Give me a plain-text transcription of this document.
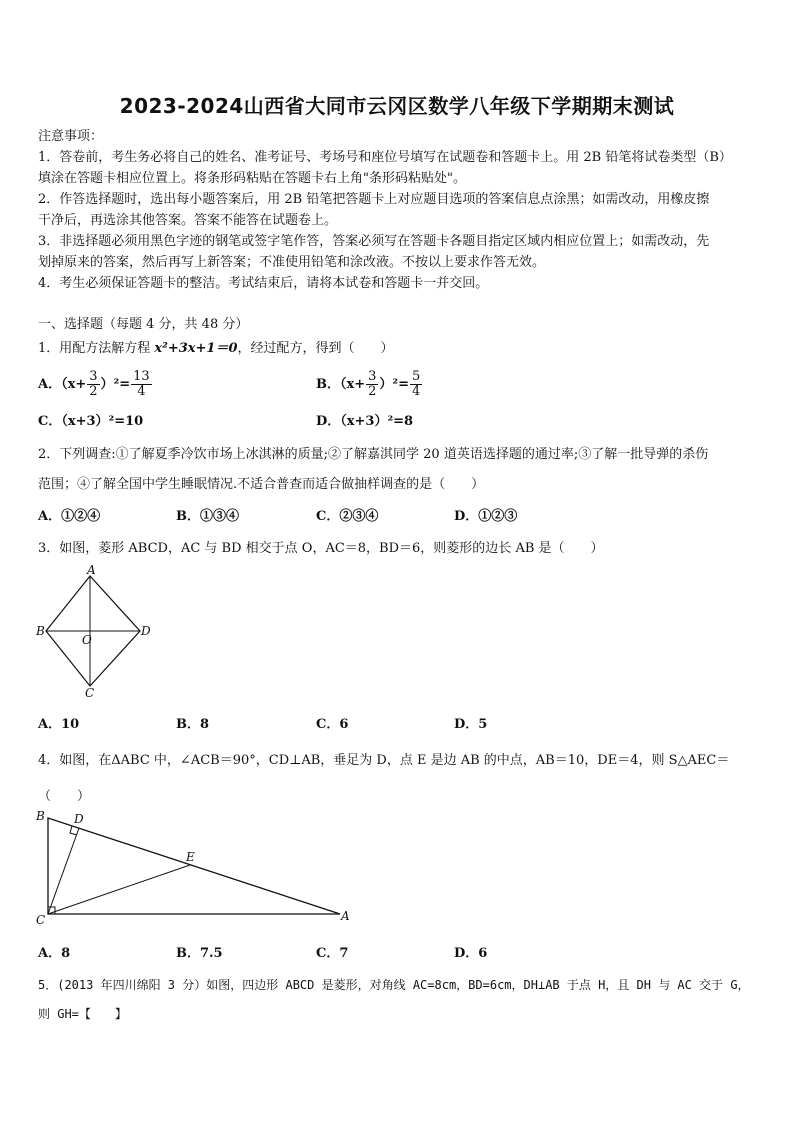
2023-2024山西省大同市云冈区数学八年级下学期期末测试
注意事项：
1．答卷前，考生务必将自己的姓名、准考证号、考场号和座位号填写在试题卷和答题卡上。用 2B 铅笔将试卷类型（B）
填涂在答题卡相应位置上。将条形码粘贴在答题卡右上角"条形码粘贴处"。
2．作答选择题时，选出每小题答案后，用 2B 铅笔把答题卡上对应题目选项的答案信息点涂黑；如需改动，用橡皮擦
干净后，再选涂其他答案。答案不能答在试题卷上。
3．非选择题必须用黑色字迹的钢笔或签字笔作答，答案必须写在答题卡各题目指定区域内相应位置上；如需改动，先
划掉原来的答案，然后再写上新答案；不准使用铅笔和涂改液。不按以上要求作答无效。
4．考生必须保证答题卡的整洁。考试结束后，请将本试卷和答题卡一并交回。
一、选择题（每题 4 分，共 48 分）
1．用配方法解方程 x²+3x+1＝0，经过配方，得到（　　）
A．$(x+ \frac{3}{2} )^2= \frac{13}{4}$	B．$(x+ \frac{3}{2} )^2= \frac{5}{4}$
C．（x+3）²=10	D．（x+3）²=8
2．下列调查:①了解夏季冷饮市场上冰淇淋的质量;②了解嘉淇同学 20 道英语选择题的通过率;③了解一批导弹的杀伤
范围；④了解全国中学生睡眠情况.不适合普查而适合做抽样调查的是（　　）
A．①②④	B．①③④	C．②③④	D．①②③
3．如图，菱形 ABCD，AC 与 BD 相交于点 O，AC＝8，BD＝6，则菱形的边长 AB 是（　　）
A
B
C
D
O
A．10	B．8	C．6	D．5
4．如图，在ΔABC 中，∠ACB＝90°，CD⊥AB，垂足为 D，点 E 是边 AB 的中点，AB＝10，DE＝4，则 S△AEC＝
（　　）
B D
E
C	A
A．8	B．7.5	C．7	D．6
5．(2013 年四川绵阳 3 分）如图，四边形 ABCD 是菱形，对角线 AC=8cm，BD=6cm，DH⊥AB 于点 H，且 DH 与 AC 交于 G，
则 GH=【　　】
